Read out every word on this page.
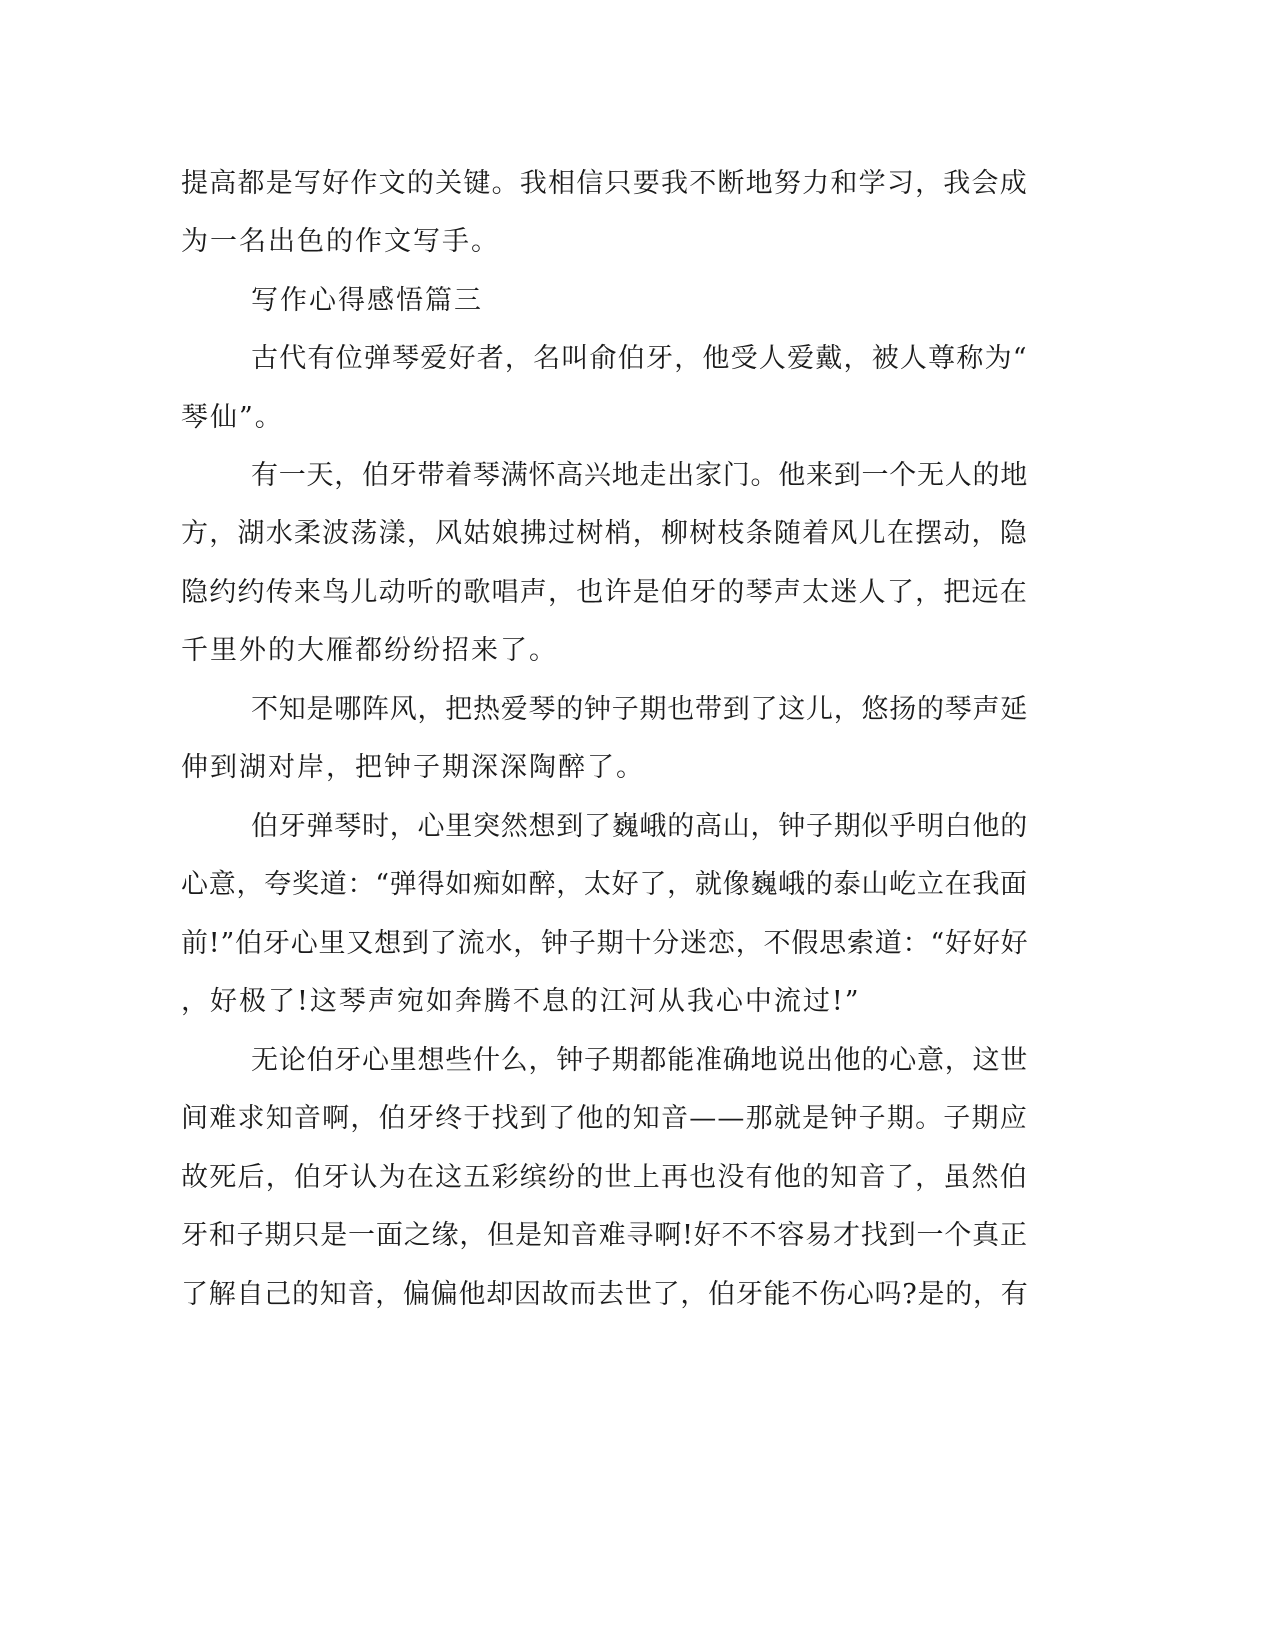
提高都是写好作文的关键。我相信只要我不断地努力和学习，我会成
为一名出色的作文写手。
写作心得感悟篇三
古代有位弹琴爱好者，名叫俞伯牙，他受人爱戴，被人尊称为“
琴仙”。
有一天，伯牙带着琴满怀高兴地走出家门。他来到一个无人的地
方，湖水柔波荡漾，风姑娘拂过树梢，柳树枝条随着风儿在摆动，隐
隐约约传来鸟儿动听的歌唱声，也许是伯牙的琴声太迷人了，把远在
千里外的大雁都纷纷招来了。
不知是哪阵风，把热爱琴的钟子期也带到了这儿，悠扬的琴声延
伸到湖对岸，把钟子期深深陶醉了。
伯牙弹琴时，心里突然想到了巍峨的高山，钟子期似乎明白他的
心意，夸奖道：“弹得如痴如醉，太好了，就像巍峨的泰山屹立在我面
前!”伯牙心里又想到了流水，钟子期十分迷恋，不假思索道：“好好好
，好极了!这琴声宛如奔腾不息的江河从我心中流过!”
无论伯牙心里想些什么，钟子期都能准确地说出他的心意，这世
间难求知音啊，伯牙终于找到了他的知音——那就是钟子期。子期应
故死后，伯牙认为在这五彩缤纷的世上再也没有他的知音了，虽然伯
牙和子期只是一面之缘，但是知音难寻啊!好不不容易才找到一个真正
了解自己的知音，偏偏他却因故而去世了，伯牙能不伤心吗?是的，有
